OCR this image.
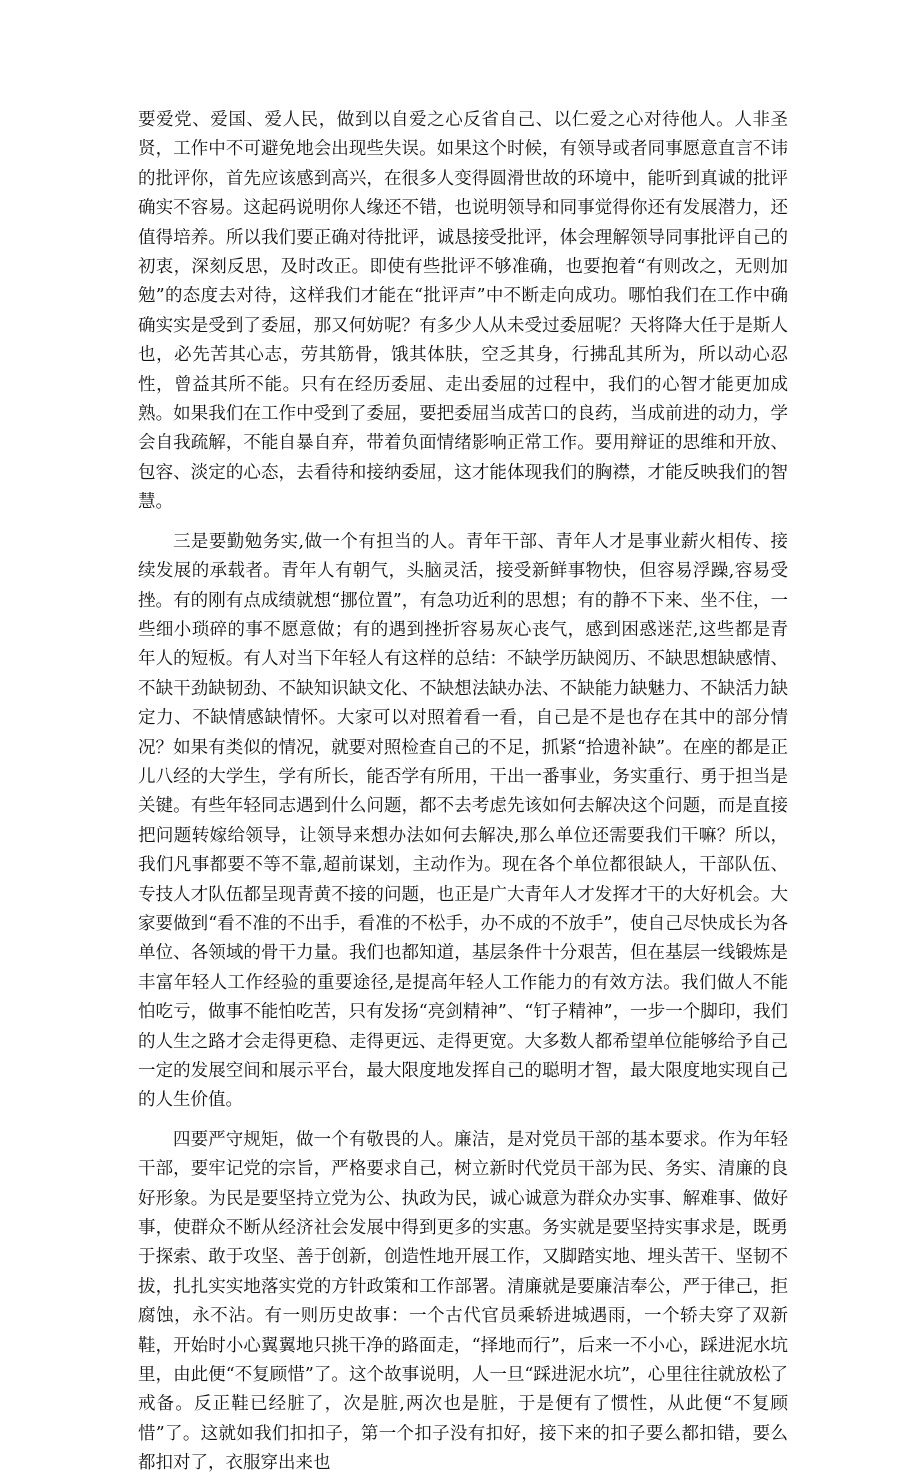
要爱党、爱国、爱人民，做到以自爱之心反省自己、以仁爱之心对待他人。人非圣贤，工作中不可避免地会出现些失误。如果这个时候，有领导或者同事愿意直言不讳的批评你，首先应该感到高兴，在很多人变得圆滑世故的环境中，能听到真诚的批评确实不容易。这起码说明你人缘还不错，也说明领导和同事觉得你还有发展潜力，还值得培养。所以我们要正确对待批评，诚恳接受批评，体会理解领导同事批评自己的初衷，深刻反思，及时改正。即使有些批评不够准确，也要抱着“有则改之，无则加勉”的态度去对待，这样我们才能在“批评声”中不断走向成功。哪怕我们在工作中确确实实是受到了委屈，那又何妨呢？有多少人从未受过委屈呢？天将降大任于是斯人也，必先苦其心志，劳其筋骨，饿其体肤，空乏其身，行拂乱其所为，所以动心忍性，曾益其所不能。只有在经历委屈、走出委屈的过程中，我们的心智才能更加成熟。如果我们在工作中受到了委屈，要把委屈当成苦口的良药，当成前进的动力，学会自我疏解，不能自暴自弃，带着负面情绪影响正常工作。要用辩证的思维和开放、包容、淡定的心态，去看待和接纳委屈，这才能体现我们的胸襟，才能反映我们的智慧。

三是要勤勉务实,做一个有担当的人。青年干部、青年人才是事业薪火相传、接续发展的承载者。青年人有朝气，头脑灵活，接受新鲜事物快，但容易浮躁,容易受挫。有的刚有点成绩就想“挪位置”，有急功近利的思想；有的静不下来、坐不住，一些细小琐碎的事不愿意做；有的遇到挫折容易灰心丧气，感到困惑迷茫,这些都是青年人的短板。有人对当下年轻人有这样的总结：不缺学历缺阅历、不缺思想缺感情、不缺干劲缺韧劲、不缺知识缺文化、不缺想法缺办法、不缺能力缺魅力、不缺活力缺定力、不缺情感缺情怀。大家可以对照着看一看，自己是不是也存在其中的部分情况？如果有类似的情况，就要对照检查自己的不足，抓紧“拾遗补缺”。在座的都是正儿八经的大学生，学有所长，能否学有所用，干出一番事业，务实重行、勇于担当是关键。有些年轻同志遇到什么问题，都不去考虑先该如何去解决这个问题，而是直接把问题转嫁给领导，让领导来想办法如何去解决,那么单位还需要我们干嘛？所以，我们凡事都要不等不靠,超前谋划，主动作为。现在各个单位都很缺人，干部队伍、专技人才队伍都呈现青黄不接的问题，也正是广大青年人才发挥才干的大好机会。大家要做到“看不准的不出手，看准的不松手，办不成的不放手”，使自己尽快成长为各单位、各领域的骨干力量。我们也都知道，基层条件十分艰苦，但在基层一线锻炼是丰富年轻人工作经验的重要途径,是提高年轻人工作能力的有效方法。我们做人不能怕吃亏，做事不能怕吃苦，只有发扬“亮剑精神”、“钉子精神”，一步一个脚印，我们的人生之路才会走得更稳、走得更远、走得更宽。大多数人都希望单位能够给予自己一定的发展空间和展示平台，最大限度地发挥自己的聪明才智，最大限度地实现自己的人生价值。

四要严守规矩，做一个有敬畏的人。廉洁，是对党员干部的基本要求。作为年轻干部，要牢记党的宗旨，严格要求自己，树立新时代党员干部为民、务实、清廉的良好形象。为民是要坚持立党为公、执政为民，诚心诚意为群众办实事、解难事、做好事，使群众不断从经济社会发展中得到更多的实惠。务实就是要坚持实事求是，既勇于探索、敢于攻坚、善于创新，创造性地开展工作，又脚踏实地、埋头苦干、坚韧不拔，扎扎实实地落实党的方针政策和工作部署。清廉就是要廉洁奉公，严于律己，拒腐蚀，永不沾。有一则历史故事：一个古代官员乘轿进城遇雨，一个轿夫穿了双新鞋，开始时小心翼翼地只挑干净的路面走，“择地而行”，后来一不小心，踩进泥水坑里，由此便“不复顾惜”了。这个故事说明，人一旦“踩进泥水坑”，心里往往就放松了戒备。反正鞋已经脏了，次是脏,两次也是脏，于是便有了惯性，从此便“不复顾惜”了。这就如我们扣扣子，第一个扣子没有扣好，接下来的扣子要么都扣错，要么都扣对了，衣服穿出来也
